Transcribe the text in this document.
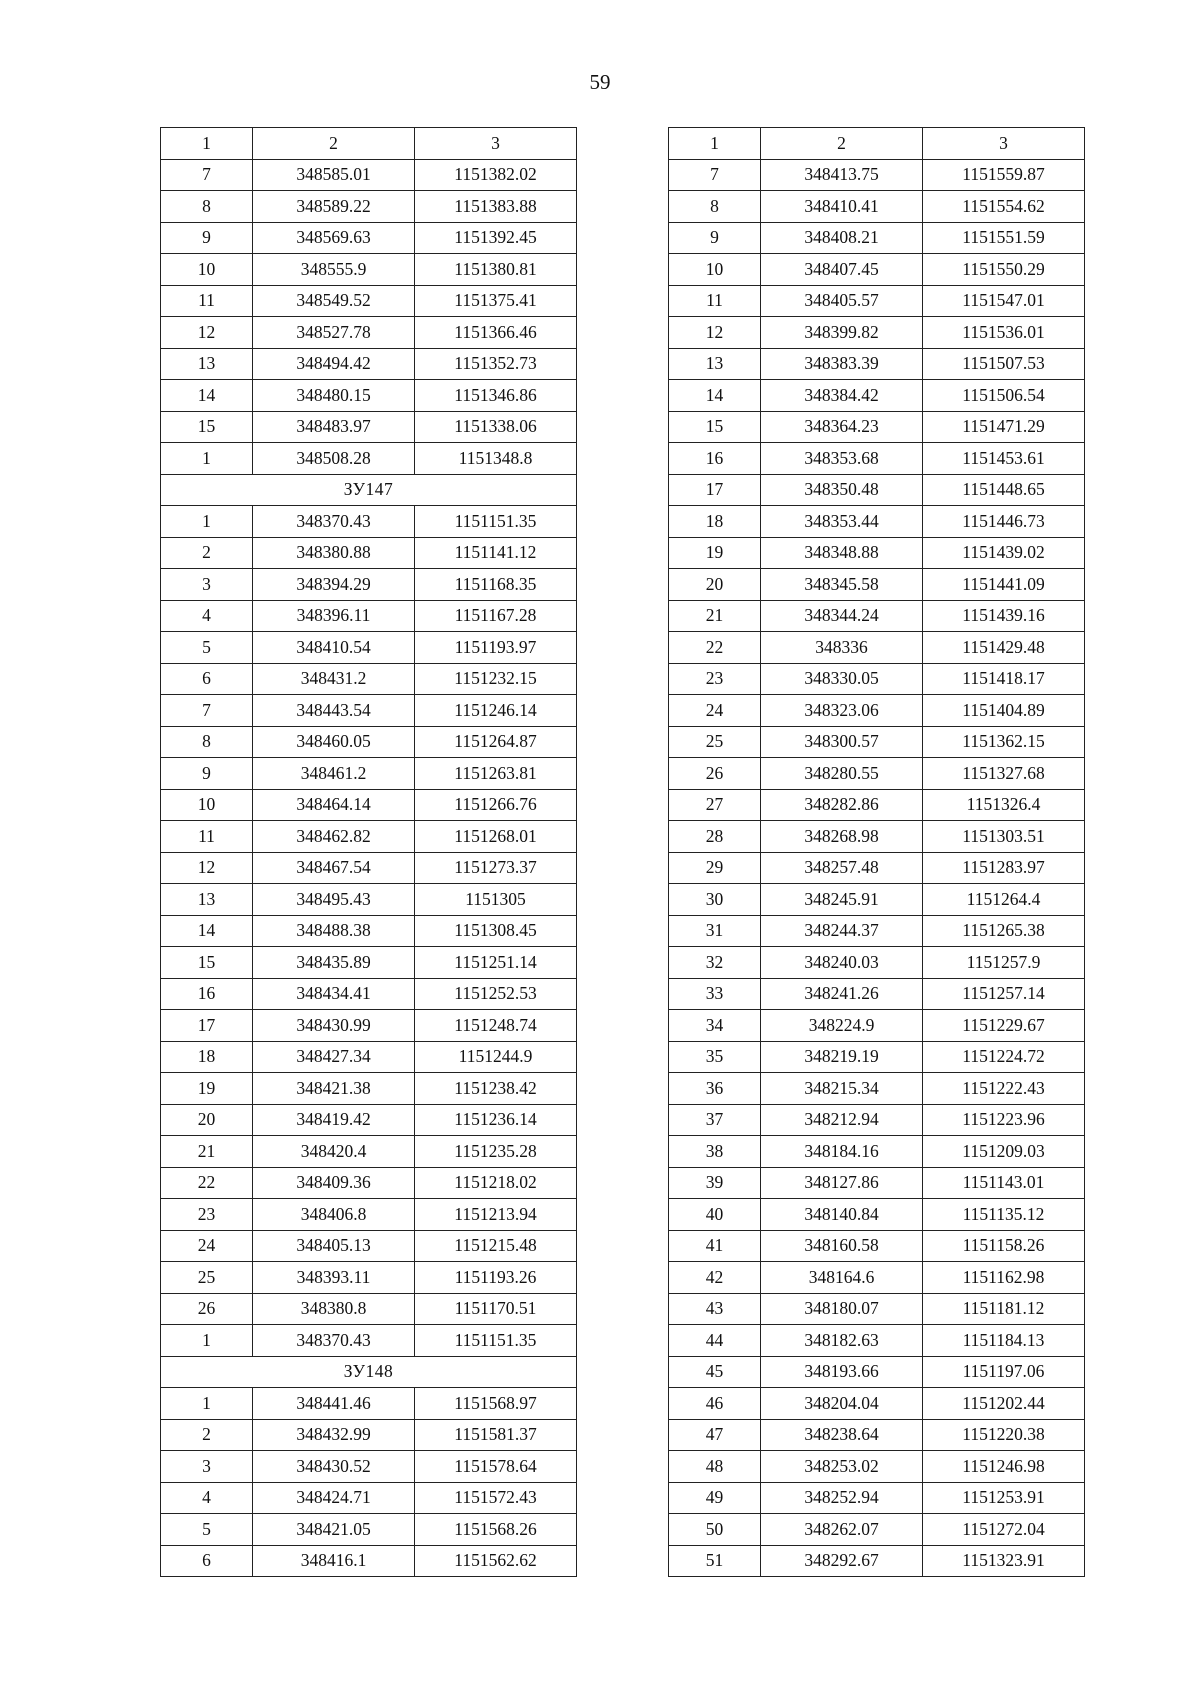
59
1	2	3
7	348585.01	1151382.02
8	348589.22	1151383.88
9	348569.63	1151392.45
10	348555.9	1151380.81
11	348549.52	1151375.41
12	348527.78	1151366.46
13	348494.42	1151352.73
14	348480.15	1151346.86
15	348483.97	1151338.06
1	348508.28	1151348.8
ЗУ147		
1	348370.43	1151151.35
2	348380.88	1151141.12
3	348394.29	1151168.35
4	348396.11	1151167.28
5	348410.54	1151193.97
6	348431.2	1151232.15
7	348443.54	1151246.14
8	348460.05	1151264.87
9	348461.2	1151263.81
10	348464.14	1151266.76
11	348462.82	1151268.01
12	348467.54	1151273.37
13	348495.43	1151305
14	348488.38	1151308.45
15	348435.89	1151251.14
16	348434.41	1151252.53
17	348430.99	1151248.74
18	348427.34	1151244.9
19	348421.38	1151238.42
20	348419.42	1151236.14
21	348420.4	1151235.28
22	348409.36	1151218.02
23	348406.8	1151213.94
24	348405.13	1151215.48
25	348393.11	1151193.26
26	348380.8	1151170.51
1	348370.43	1151151.35
ЗУ148		
1	348441.46	1151568.97
2	348432.99	1151581.37
3	348430.52	1151578.64
4	348424.71	1151572.43
5	348421.05	1151568.26
6	348416.1	1151562.62
1	2	3
7	348413.75	1151559.87
8	348410.41	1151554.62
9	348408.21	1151551.59
10	348407.45	1151550.29
11	348405.57	1151547.01
12	348399.82	1151536.01
13	348383.39	1151507.53
14	348384.42	1151506.54
15	348364.23	1151471.29
16	348353.68	1151453.61
17	348350.48	1151448.65
18	348353.44	1151446.73
19	348348.88	1151439.02
20	348345.58	1151441.09
21	348344.24	1151439.16
22	348336	1151429.48
23	348330.05	1151418.17
24	348323.06	1151404.89
25	348300.57	1151362.15
26	348280.55	1151327.68
27	348282.86	1151326.4
28	348268.98	1151303.51
29	348257.48	1151283.97
30	348245.91	1151264.4
31	348244.37	1151265.38
32	348240.03	1151257.9
33	348241.26	1151257.14
34	348224.9	1151229.67
35	348219.19	1151224.72
36	348215.34	1151222.43
37	348212.94	1151223.96
38	348184.16	1151209.03
39	348127.86	1151143.01
40	348140.84	1151135.12
41	348160.58	1151158.26
42	348164.6	1151162.98
43	348180.07	1151181.12
44	348182.63	1151184.13
45	348193.66	1151197.06
46	348204.04	1151202.44
47	348238.64	1151220.38
48	348253.02	1151246.98
49	348252.94	1151253.91
50	348262.07	1151272.04
51	348292.67	1151323.91
